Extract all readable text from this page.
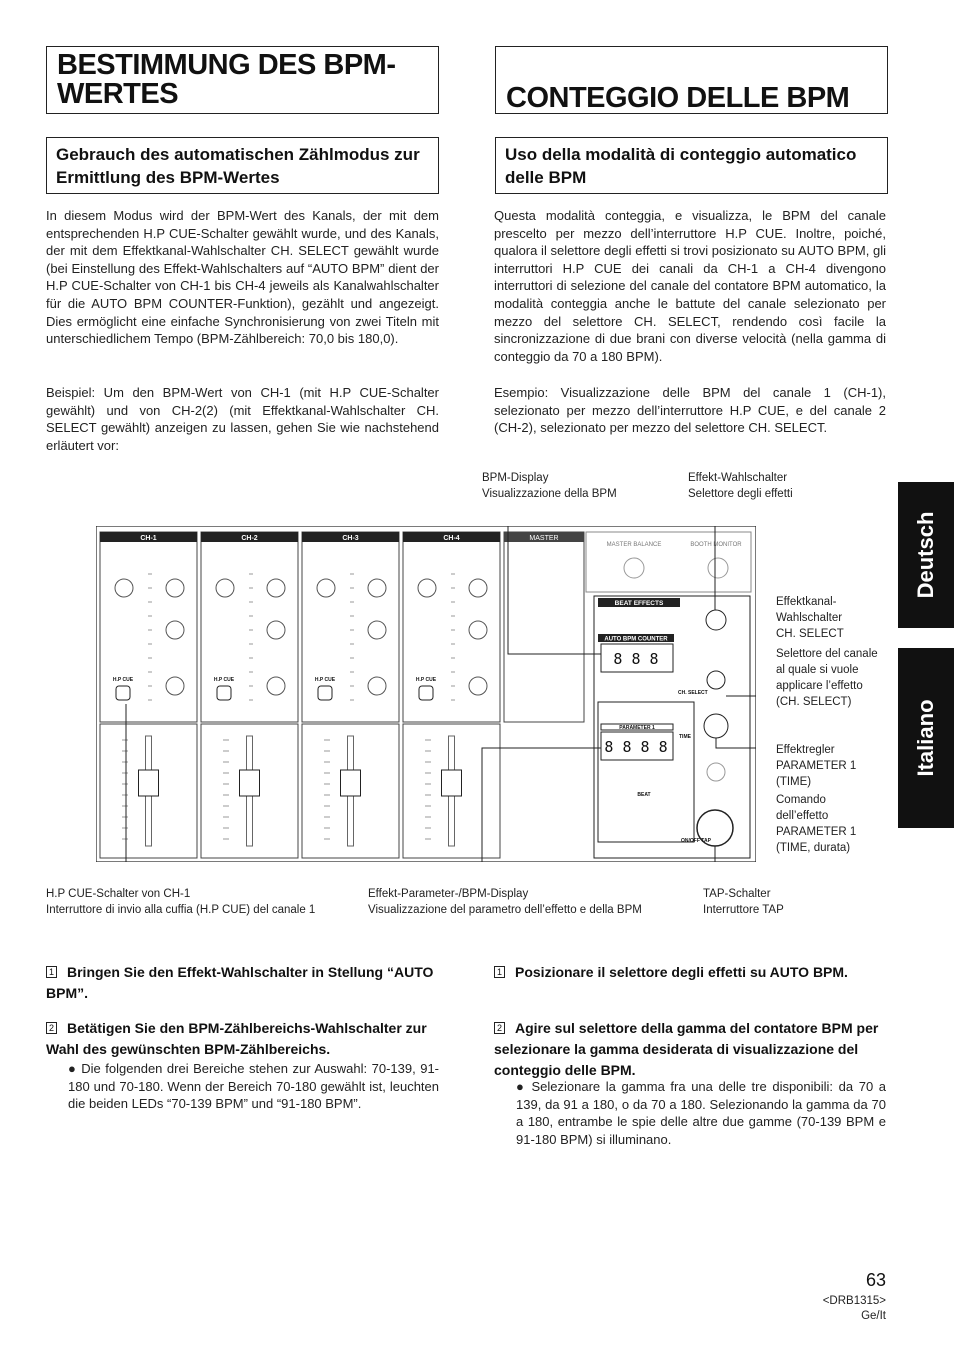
BESTIMMUNG DES BPM-
WERTES	CONTEGGIO DELLE BPM
Gebrauch des automatischen Zählmodus zur Ermittlung des BPM-Wertes
Uso della modalità di conteggio automatico delle BPM

In diesem Modus wird der BPM-Wert des Kanals, der mit dem entsprechenden H.P CUE-Schalter gewählt wurde, und des Kanals, der mit dem Effektkanal-Wahlschalter CH. SELECT gewählt wurde (bei Einstellung des Effekt-Wahlschalters auf “AUTO BPM” dient der H.P CUE-Schalter von CH-1 bis CH-4 jeweils als Kanalwahlschalter für die AUTO BPM COUNTER-Funktion), gezählt und angezeigt. Dies ermöglicht eine einfache Synchronisierung von zwei Titeln mit unterschiedlichem Tempo (BPM-Zählbereich: 70,0 bis 180,0).

Beispiel: Um den BPM-Wert von CH-1 (mit H.P CUE-Schalter gewählt) und von CH-2(2) (mit Effektkanal-Wahlschalter CH. SELECT gewählt) anzeigen zu lassen, gehen Sie wie nachstehend erläutert vor:

Questa modalità conteggia, e visualizza, le BPM del canale prescelto per mezzo dell’interruttore H.P CUE. Inoltre, poiché, qualora il selettore degli effetti si trovi posizionato su AUTO BPM, gli interruttori H.P CUE dei canali da CH-1 a CH-4 divengono interruttori di selezione del canale del contatore BPM automatico, la modalità conteggia anche le battute del canale selezionato per mezzo del selettore CH. SELECT, rendendo così facile la sincronizzazione di due brani con diverse velocità (nella gamma di conteggio da 70 a 180 BPM).

Esempio: Visualizzazione delle BPM del canale 1 (CH-1), selezionato per mezzo dell’interruttore H.P CUE, e del canale 2 (CH-2), selezionato per mezzo del selettore CH. SELECT.

Deutsch
Italiano
BPM-Display
Visualizzazione della BPM
Effekt-Wahlschalter
Selettore degli effetti
Effektkanal-
Wahlschalter
CH. SELECT
Selettore del canale al quale si vuole applicare l’effetto (CH. SELECT)
Effektregler PARAMETER 1 (TIME)
Comando dell’effetto PARAMETER 1 (TIME, durata)
H.P CUE-Schalter von CH-1
Interruttore di invio alla cuffia (H.P CUE) del canale 1
Effekt-Parameter-/BPM-Display
Visualizzazione del parametro dell’effetto e della BPM
TAP-Schalter
Interruttore TAP
CH-1
H.P CUE
CH-2
H.P CUE
CH-3
H.P CUE
CH-4
H.P CUE
MASTER
MASTER BALANCE	BOOTH MONITOR
BEAT EFFECTS
AUTO BPM COUNTER
8 8 8
PARAMETER 1
8 8 8 8
BEAT
CH. SELECT
TIME
ON/OFF TAP
1 Bringen Sie den Effekt-Wahlschalter in Stellung “AUTO BPM”.
2 Betätigen Sie den BPM-Zählbereichs-Wahlschalter zur Wahl des gewünschten BPM-Zählbereichs.

● Die folgenden drei Bereiche stehen zur Auswahl: 70-139, 91-180 und 70-180. Wenn der Bereich 70-180 gewählt ist, leuchten die beiden LEDs “70-139 BPM” und “91-180 BPM”.

1 Posizionare il selettore degli effetti su AUTO BPM.
2 Agire sul selettore della gamma del contatore BPM per selezionare la gamma desiderata di visualizzazione del conteggio delle BPM.

● Selezionare la gamma fra una delle tre disponibili: da 70 a 139, da 91 a 180, o da 70 a 180. Selezionando la gamma da 70 a 180, entrambe le spie delle altre due gamme (70-139 BPM e 91-180 BPM) si illuminano.

63
<DRB1315>
Ge/It
